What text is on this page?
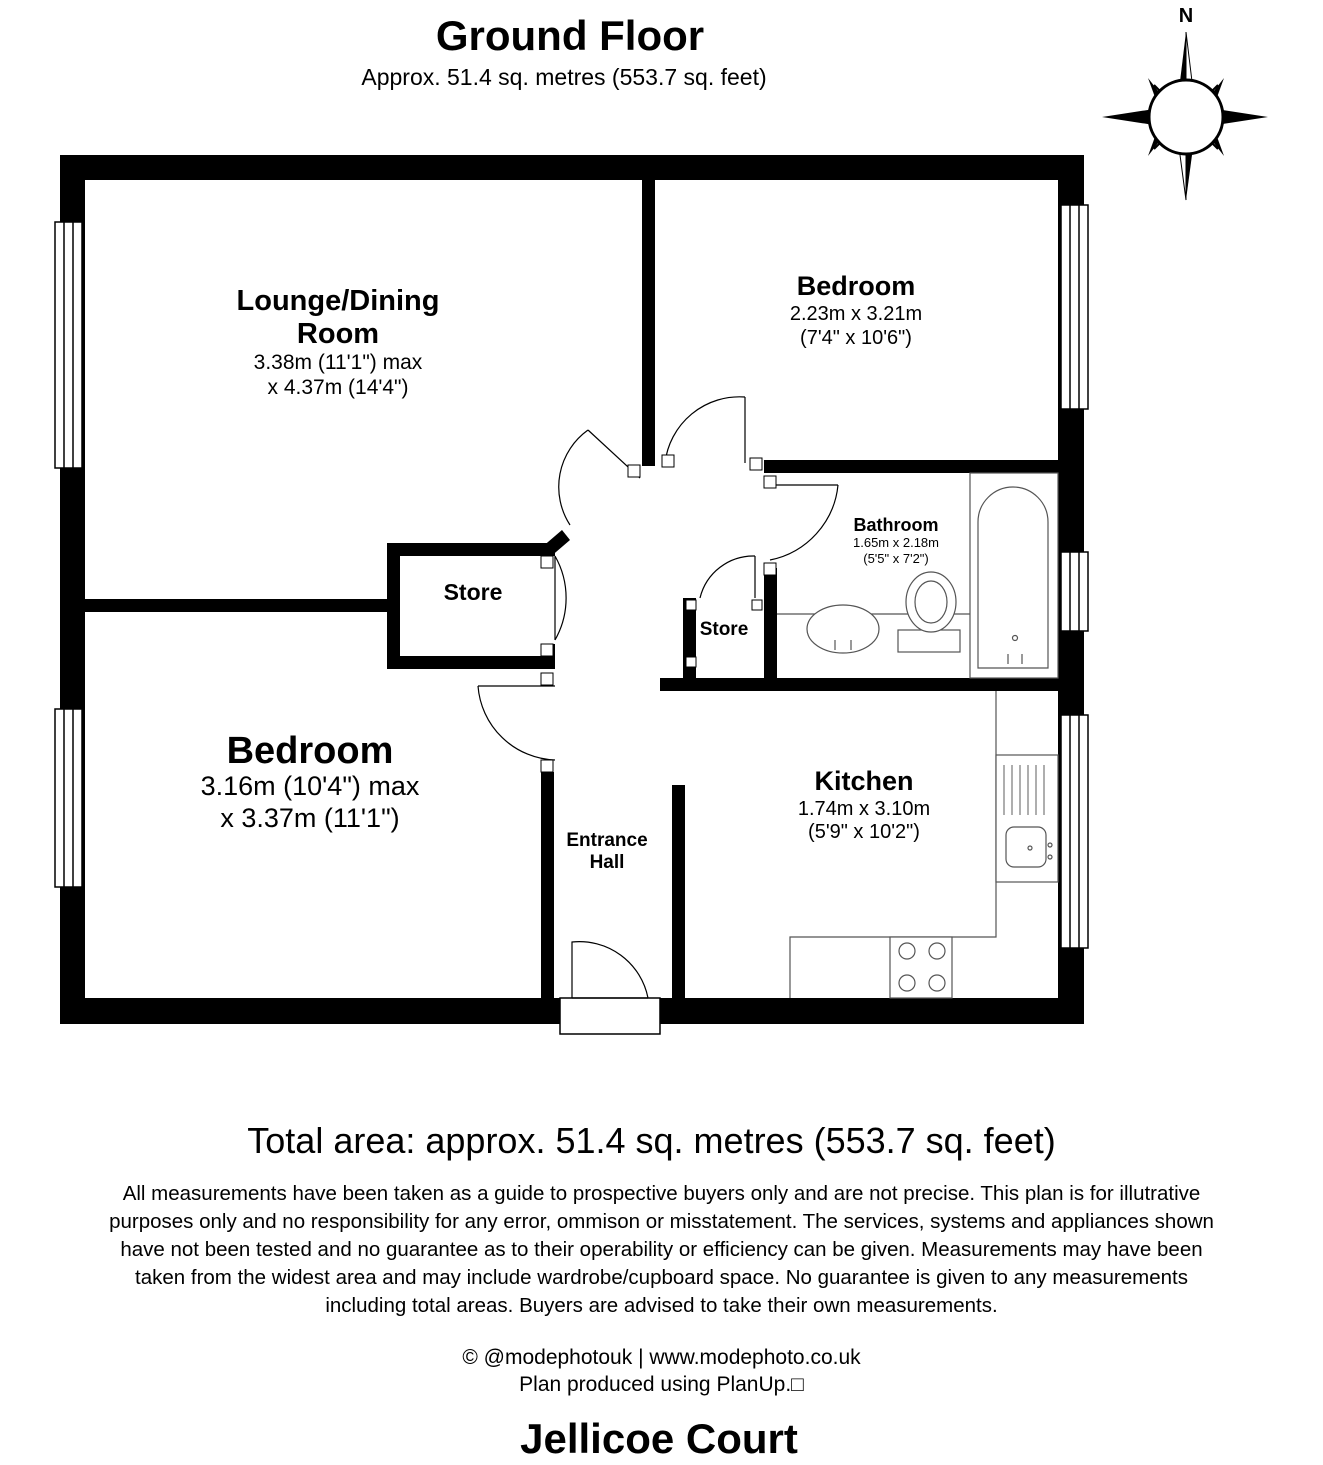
Ground Floor
Approx. 51.4 sq. metres (553.7 sq. feet)
N
Lounge/Dining
Room
3.38m (11'1") max
x 4.37m (14'4")
Bedroom
2.23m x 3.21m
(7'4" x 10'6")
Bathroom
1.65m x 2.18m
(5'5" x 7'2")
Store
Store
Bedroom
3.16m (10'4") max
x 3.37m (11'1")
Kitchen
1.74m x 3.10m
(5'9" x 10'2")
Entrance
Hall
Total area: approx. 51.4 sq. metres (553.7 sq. feet)
All measurements have been taken as a guide to prospective buyers only and are not precise. This plan is for illutrative
purposes only and no responsibility for any error, ommison or misstatement. The services, systems and appliances shown
have not been tested and no guarantee as to their operability or efficiency can be given. Measurements may have been
taken from the widest area and may include wardrobe/cupboard space. No guarantee is given to any measurements
including total areas. Buyers are advised to take their own measurements.
© @modephotouk | www.modephoto.co.uk
Plan produced using PlanUp.□
Jellicoe Court
